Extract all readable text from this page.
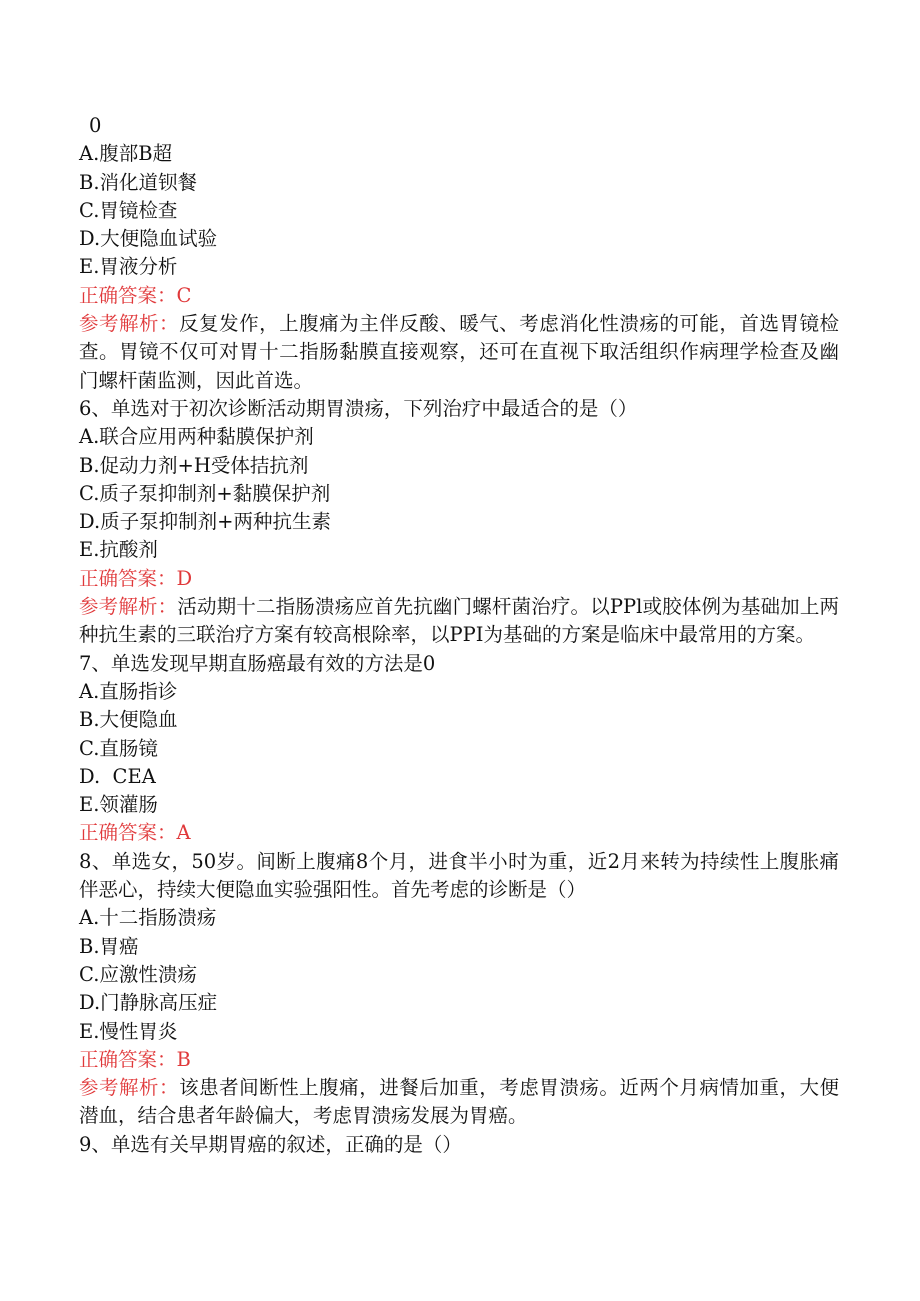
0
A.腹部B超
B.消化道钡餐
C.胃镜检查
D.大便隐血试验
E.胃液分析
正确答案：C
参考解析：反复发作，上腹痛为主伴反酸、暖气、考虑消化性溃疡的可能，首选胃镜检查。胃镜不仅可对胃十二指肠黏膜直接观察，还可在直视下取活组织作病理学检查及幽门螺杆菌监测，因此首选。
6、单选对于初次诊断活动期胃溃疡，下列治疗中最适合的是（）
A.联合应用两种黏膜保护剂
B.促动力剂+H受体拮抗剂
C.质子泵抑制剂+黏膜保护剂
D.质子泵抑制剂+两种抗生素
E.抗酸剂
正确答案：D
参考解析：活动期十二指肠溃疡应首先抗幽门螺杆菌治疗。以PPl或胶体例为基础加上两种抗生素的三联治疗方案有较高根除率，以PPI为基础的方案是临床中最常用的方案。
7、单选发现早期直肠癌最有效的方法是0
A.直肠指诊
B.大便隐血
C.直肠镜
D.  CEA
E.领灌肠
正确答案：A
8、单选女，50岁。间断上腹痛8个月，进食半小时为重，近2月来转为持续性上腹胀痛伴恶心，持续大便隐血实验强阳性。首先考虑的诊断是（）
A.十二指肠溃疡
B.胃癌
C.应激性溃疡
D.门静脉高压症
E.慢性胃炎
正确答案：B
参考解析：该患者间断性上腹痛，进餐后加重，考虑胃溃疡。近两个月病情加重，大便潜血，结合患者年龄偏大，考虑胃溃疡发展为胃癌。
9、单选有关早期胃癌的叙述，正确的是（）
